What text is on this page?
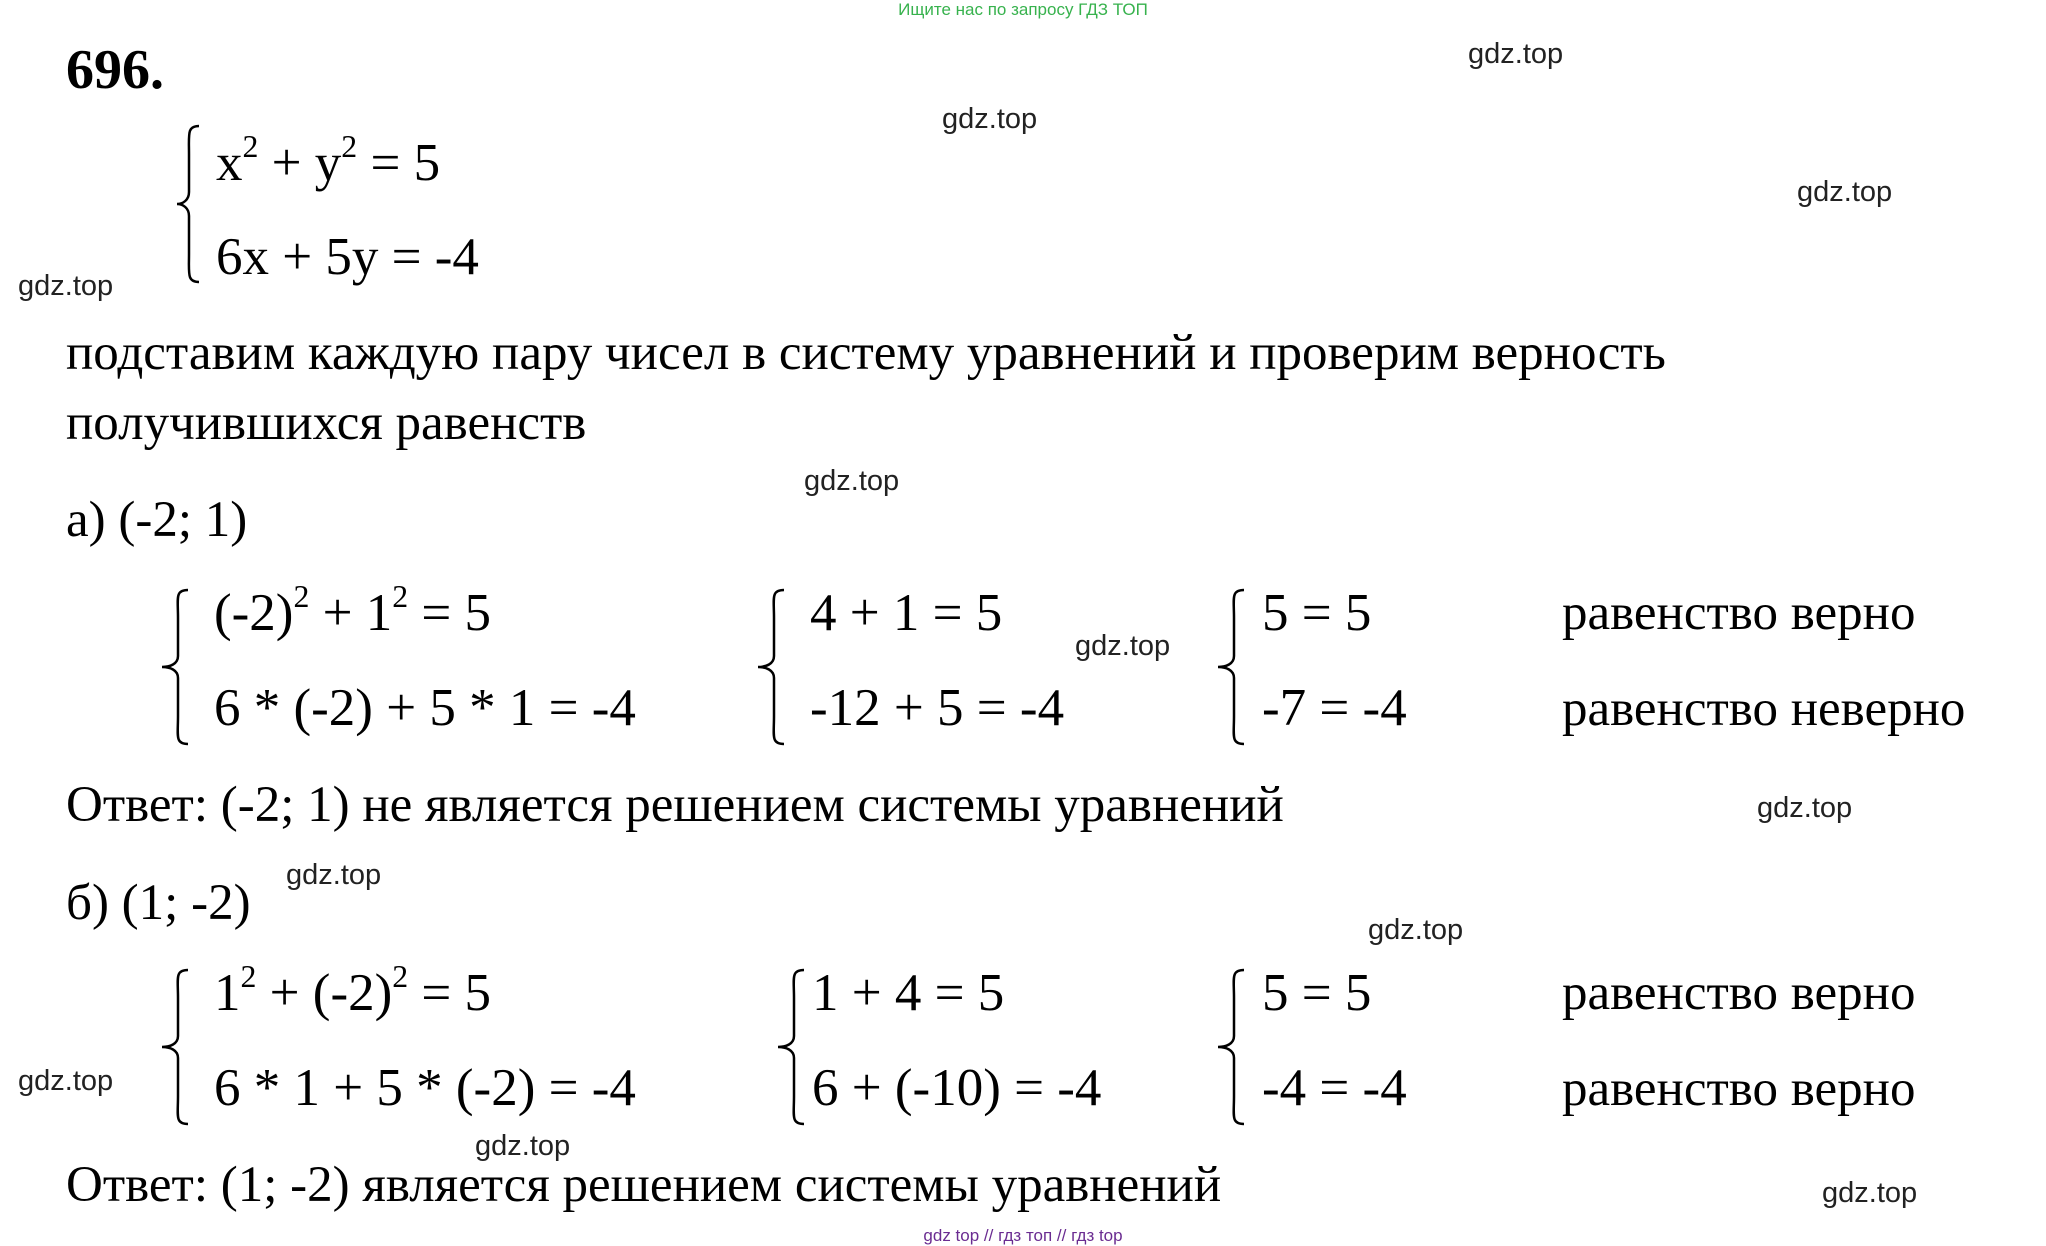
Ищите нас по запросу ГДЗ ТОП
696.
$x^2 + y^2 = 5$
6x + 5y = -4
подставим каждую пару чисел в систему уравнений и проверим верность
получившихся равенств
а) (-2; 1)
$(-2)^2 + 1^2 = 5$
6 * (-2) + 5 * 1 = -4
4 + 1 = 5
-12 + 5 = -4
5 = 5
-7 = -4
равенство верно
равенство неверно
Ответ: (-2; 1) не является решением системы уравнений
б) (1; -2)
$1^2 + (-2)^2 = 5$
6 * 1 + 5 * (-2) = -4
1 + 4 = 5
6 + (-10) = -4
5 = 5
-4 = -4
равенство верно
равенство верно
Ответ: (1; -2) является решением системы уравнений
gdz.top
gdz.top
gdz.top
gdz.top
gdz.top
gdz.top
gdz.top
gdz.top
gdz.top
gdz.top
gdz.top
gdz.top
gdz top // гдз топ // гдз top
